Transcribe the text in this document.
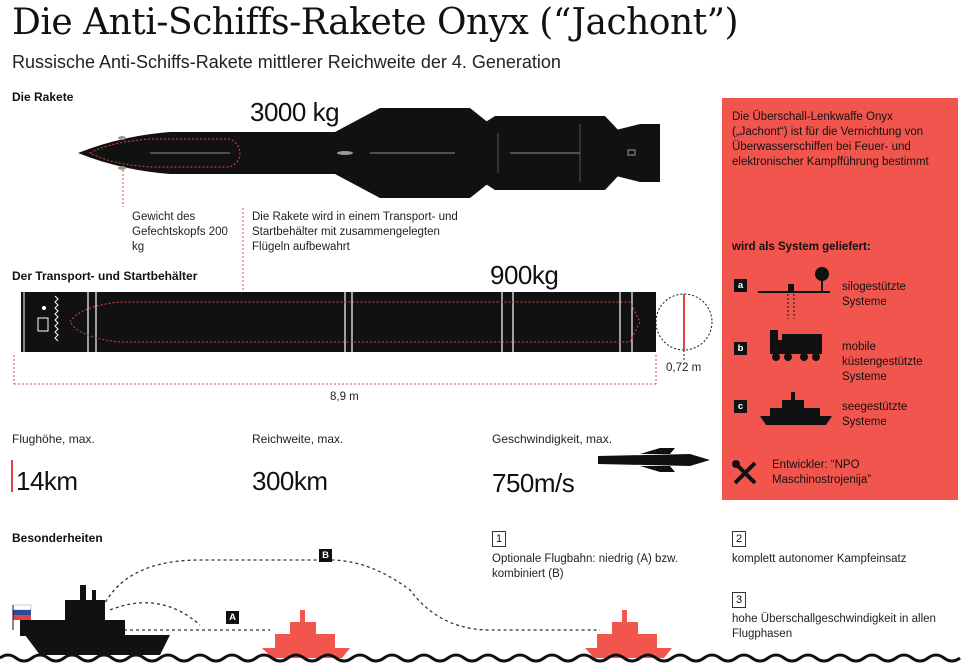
Die Anti-Schiffs-Rakete Onyx (“Jachont”)
Russische Anti-Schiffs-Rakete mittlerer Reichweite der 4. Generation
Die Rakete	3000 kg
Gewicht des Gefechtskopfs 200 kg
Die Rakete wird in einem Transport- und Startbehälter mit zusammengelegten Flügeln aufbewahrt
Der Transport- und Startbehälter	900kg
0,72 m
8,9 m
Flughöhe, max.
14km
Reichweite, max.
300km
Geschwindigkeit, max.
750m/s
Die Überschall-Lenkwaffe Onyx („Jachont“) ist für die Vernichtung von Überwasserschiffen bei Feuer- und elektronischer Kampfführung bestimmt
wird als System geliefert:
a	silogestützte Systeme
b	mobile küstengestützte Systeme
c	seegestützte Systeme
Entwickler: “NPO Maschinostrojenija”
Besonderheiten
B
A
1
Optionale Flugbahn: niedrig (A) bzw. kombiniert (B)
2
komplett autonomer Kampfeinsatz
3
hohe Überschallgeschwindigkeit in allen Flugphasen
